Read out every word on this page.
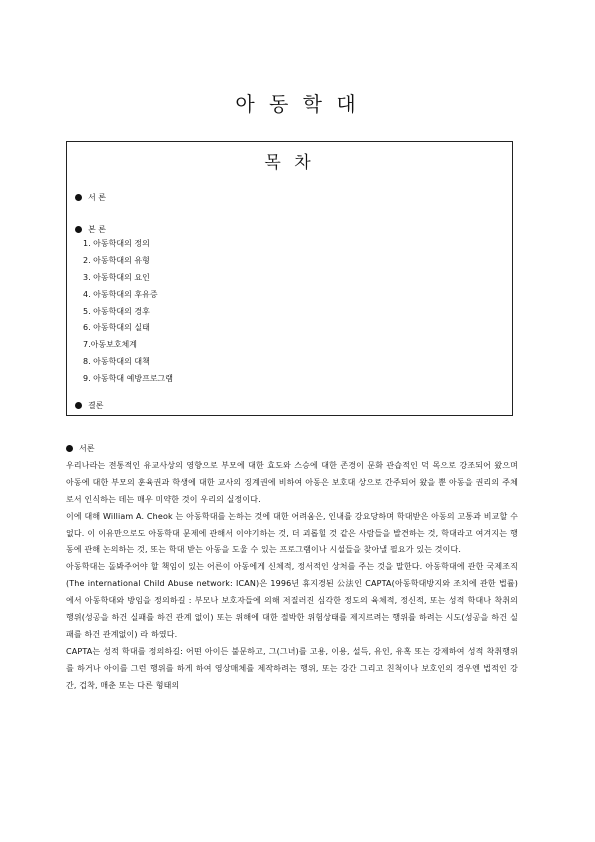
아 동 학 대
목 차
서 론
본 론
1. 아동학대의 정의
2. 아동학대의 유형
3. 아동학대의 요인
4. 아동학대의 후유증
5. 아동학대의 경후
6. 아동학대의 실태
7.아동보호체계
8. 아동학대의 대책
9. 아동학대 예방프로그램
결론
서론

우리나라는 전통적인 유교사상의 영향으로 부모에 대한 효도와 스승에 대한 존경이 문화 관습적인 덕 목으로 강조되어 왔으며 아동에 대한 부모의 훈육권과 학생에 대한 교사의 징계권에 비하여 아동은 보호대 상으로 간주되어 왔을 뿐 아동을 권리의 주체로서 인식하는 데는 매우 미약한 것이 우리의 실정이다.

이에 대해 William A. Cheok 는 아동학대를 논하는 것에 대한 어려움은, 인내를 강요당하며 학대받은 아동의 고통과 비교할 수 없다. 이 이유만으로도 아동학대 문제에 관해서 이야기하는 것, 더 괴롭힐 것 같은 사람들을 발견하는 것, 학대라고 여겨지는 행동에 관해 논의하는 것, 또는 학대 받는 아동을 도울 수 있는 프로그램이나 시설들을 찾아낼 필요가 있는 것이다.

아동학대는 돌봐주어야 할 책임이 있는 어른이 아동에게 신체적, 정서적인 상처를 주는 것을 말한다. 아동학대에 관한 국제조직(The international Child Abuse network: ICAN)은 1996년 휴지경된 公法인 CAPTA(아동학대방지와 조치에 관한 법률)에서 아동학대와 방임을 정의하길 : 부모나 보호자들에 의해 저질러진 심각한 정도의 육체적, 정신적, 또는 성적 학대나 착취의 행위(성공을 하건 실패를 하건 관계 없이) 또는 위해에 대한 절박한 위험상태를 제지르려는 행위를 하려는 시도(성공을 하건 실패를 하건 관계없이) 라 하였다.

CAPTA는 성적 학대를 정의하길: 어떤 아이든 불문하고, 그(그녀)를 고용, 이용, 설득, 유인, 유혹 또는 강제하여 성적 착취행위를 하거나 아이를 그런 행위를 하게 하여 영상매체를 제작하려는 행위, 또는 강간 그리고 친척이나 보호인의 경우엔 법적인 강간, 겁착, 매춘 또는 다른 형태의
